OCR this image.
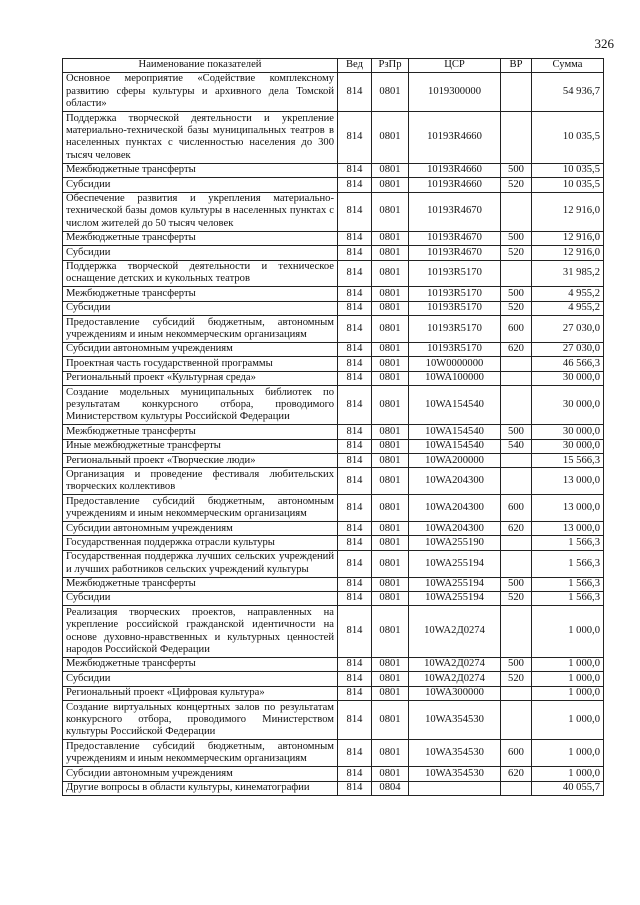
326
Наименование показателей	Вед	РзПр	ЦСР	ВР	Сумма
Основное мероприятие «Содействие комплексному развитию сферы культуры и архивного дела Томской области»	814	0801	1019300000		54 936,7
Поддержка творческой деятельности и укрепление материально-технической базы муниципальных театров в населенных пунктах с численностью населения до 300 тысяч человек	814	0801	10193R4660		10 035,5
Межбюджетные трансферты	814	0801	10193R4660	500	10 035,5
Субсидии	814	0801	10193R4660	520	10 035,5
Обеспечение развития и укрепления материально-технической базы домов культуры в населенных пунктах с числом жителей до 50 тысяч человек	814	0801	10193R4670		12 916,0
Межбюджетные трансферты	814	0801	10193R4670	500	12 916,0
Субсидии	814	0801	10193R4670	520	12 916,0
Поддержка творческой деятельности и техническое оснащение детских и кукольных театров	814	0801	10193R5170		31 985,2
Межбюджетные трансферты	814	0801	10193R5170	500	4 955,2
Субсидии	814	0801	10193R5170	520	4 955,2
Предоставление субсидий бюджетным, автономным учреждениям и иным некоммерческим организациям	814	0801	10193R5170	600	27 030,0
Субсидии автономным учреждениям	814	0801	10193R5170	620	27 030,0
Проектная часть государственной программы	814	0801	10W0000000		46 566,3
Региональный проект «Культурная среда»	814	0801	10WA100000		30 000,0
Создание модельных муниципальных библиотек по результатам конкурсного отбора, проводимого Министерством культуры Российской Федерации	814	0801	10WA154540		30 000,0
Межбюджетные трансферты	814	0801	10WA154540	500	30 000,0
Иные межбюджетные трансферты	814	0801	10WA154540	540	30 000,0
Региональный проект «Творческие люди»	814	0801	10WA200000		15 566,3
Организация и проведение фестиваля любительских творческих коллективов	814	0801	10WA204300		13 000,0
Предоставление субсидий бюджетным, автономным учреждениям и иным некоммерческим организациям	814	0801	10WA204300	600	13 000,0
Субсидии автономным учреждениям	814	0801	10WA204300	620	13 000,0
Государственная поддержка отрасли культуры	814	0801	10WA255190		1 566,3
Государственная поддержка лучших сельских учреждений и лучших работников сельских учреждений культуры	814	0801	10WA255194		1 566,3
Межбюджетные трансферты	814	0801	10WA255194	500	1 566,3
Субсидии	814	0801	10WA255194	520	1 566,3
Реализация творческих проектов, направленных на укрепление российской гражданской идентичности на основе духовно-нравственных и культурных ценностей народов Российской Федерации	814	0801	10WA2Д0274		1 000,0
Межбюджетные трансферты	814	0801	10WA2Д0274	500	1 000,0
Субсидии	814	0801	10WA2Д0274	520	1 000,0
Региональный проект «Цифровая культура»	814	0801	10WA300000		1 000,0
Создание виртуальных концертных залов по результатам конкурсного отбора, проводимого Министерством культуры Российской Федерации	814	0801	10WA354530		1 000,0
Предоставление субсидий бюджетным, автономным учреждениям и иным некоммерческим организациям	814	0801	10WA354530	600	1 000,0
Субсидии автономным учреждениям	814	0801	10WA354530	620	1 000,0
Другие вопросы в области культуры, кинематографии	814	0804			40 055,7
